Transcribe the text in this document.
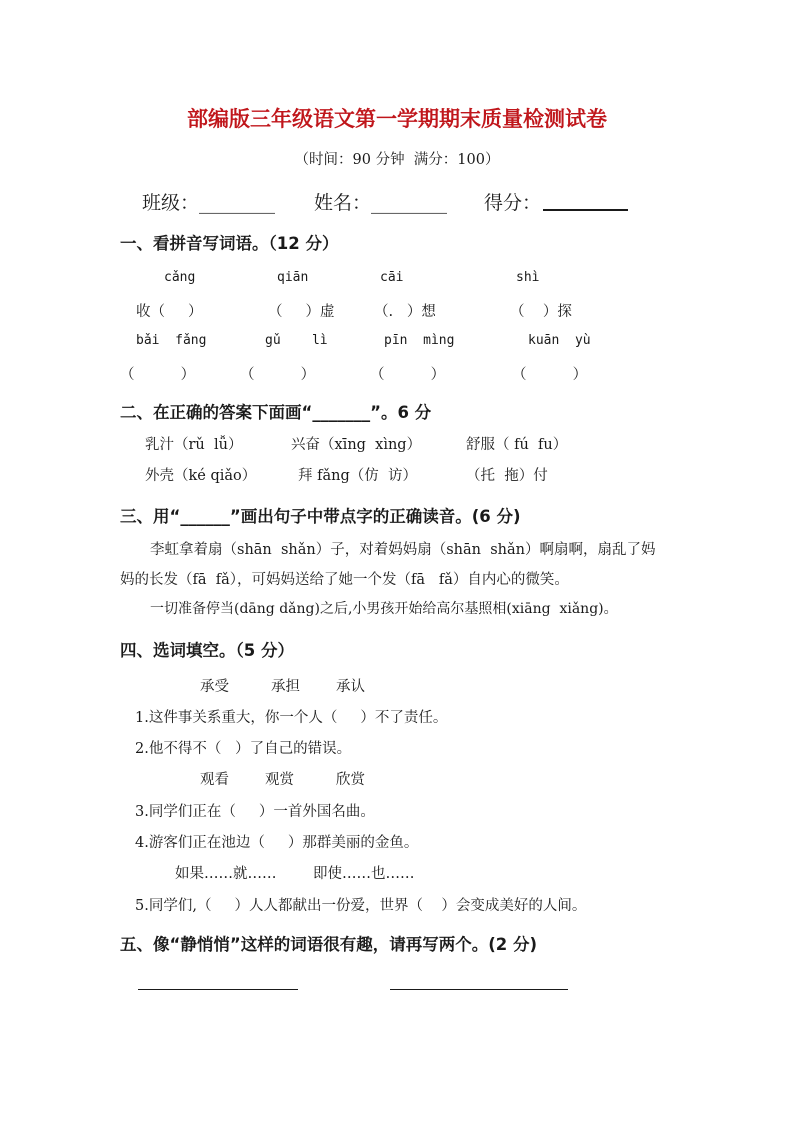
部编版三年级语文第一学期期末质量检测试卷
（时间：90 分钟  满分：100）
班级：________ 姓名：________ 得分：
一、看拼音写词语。（12 分）
cǎng	qiān	cāi	shì
收（     ）	（     ）虚	（.   ）想	（    ）探
bǎi  fǎng	gǔ    lì	pīn  mìng	kuān  yù
（          ）	（          ）	（          ）	（          ）
二、在正确的答案下面画“_______”。6 分
乳汁（rǔ  lǚ）	兴奋（xīng  xìng）	舒服（ fú  fu）
外壳（ké qiǎo）	拜 fǎng（仿  访）	（托  拖）付
三、用“______”画出句子中带点字的正确读音。(6 分)
李虹拿着扇（shān  shǎn）子，对着妈妈扇（shān  shǎn）啊扇啊，扇乱了妈
妈的长发（fā  fǎ），可妈妈送给了她一个发（fā   fǎ）自内心的微笑。
一切准备停当(dāng dǎng)之后,小男孩开始给高尔基照相(xiāng  xiǎng)。
四、选词填空。（5 分）
承受	承担 承认
1.这件事关系重大，你一个人（     ）不了责任。
2.他不得不（   ）了自己的错误。
观看 观赏	欣赏
3.同学们正在（     ）一首外国名曲。
4.游客们正在池边（     ）那群美丽的金鱼。
如果……就……	即使……也……
5.同学们,（     ）人人都献出一份爱，世界（    ）会变成美好的人间。
五、像“静悄悄”这样的词语很有趣，请再写两个。(2 分)
